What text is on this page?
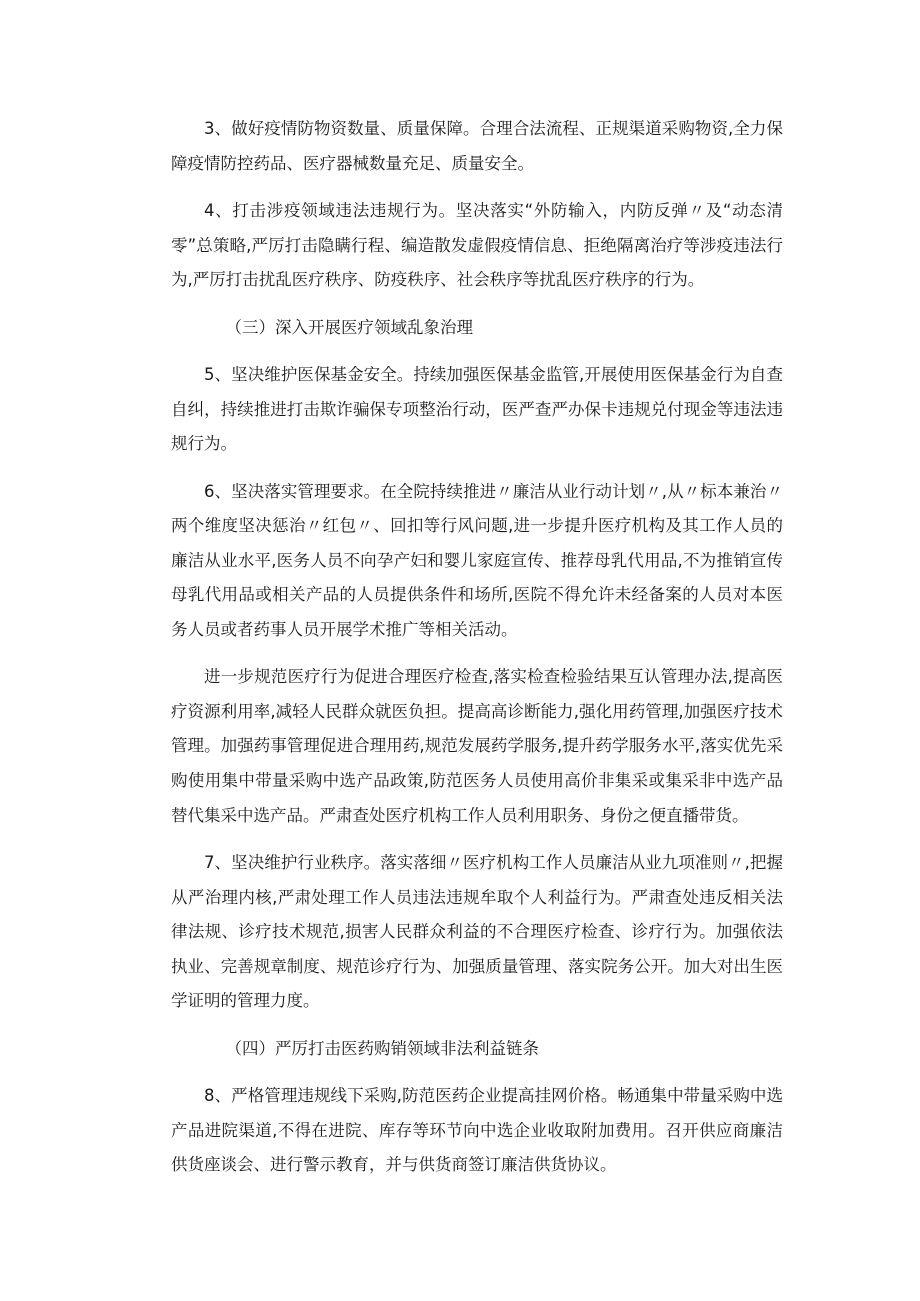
3、做好疫情防物资数量、质量保障。合理合法流程、正规渠道采购物资,全力保障疫情防控药品、医疗器械数量充足、质量安全。

4、打击涉疫领域违法违规行为。坚决落实“外防输入，内防反弹〃及“动态清零”总策略,严厉打击隐瞒行程、编造散发虚假疫情信息、拒绝隔离治疗等涉疫违法行为,严厉打击扰乱医疗秩序、防疫秩序、社会秩序等扰乱医疗秩序的行为。

（三）深入开展医疗领域乱象治理

5、坚决维护医保基金安全。持续加强医保基金监管,开展使用医保基金行为自查自纠，持续推进打击欺诈骗保专项整治行动，医严查严办保卡违规兑付现金等违法违规行为。

6、坚决落实管理要求。在全院持续推进〃廉洁从业行动计划〃,从〃标本兼治〃两个维度坚决惩治〃红包〃、回扣等行风问题,进一步提升医疗机构及其工作人员的廉洁从业水平,医务人员不向孕产妇和婴儿家庭宣传、推荐母乳代用品,不为推销宣传母乳代用品或相关产品的人员提供条件和场所,医院不得允许未经备案的人员对本医务人员或者药事人员开展学术推广等相关活动。

进一步规范医疗行为促进合理医疗检查,落实检查检验结果互认管理办法,提高医疗资源利用率,减轻人民群众就医负担。提高高诊断能力,强化用药管理,加强医疗技术管理。加强药事管理促进合理用药,规范发展药学服务,提升药学服务水平,落实优先采购使用集中带量采购中选产品政策,防范医务人员使用高价非集采或集采非中选产品替代集采中选产品。严肃查处医疗机构工作人员利用职务、身份之便直播带货。

7、坚决维护行业秩序。落实落细〃医疗机构工作人员廉洁从业九项准则〃,把握从严治理内核,严肃处理工作人员违法违规牟取个人利益行为。严肃查处违反相关法律法规、诊疗技术规范,损害人民群众利益的不合理医疗检查、诊疗行为。加强依法执业、完善规章制度、规范诊疗行为、加强质量管理、落实院务公开。加大对出生医学证明的管理力度。

（四）严厉打击医药购销领域非法利益链条

8、严格管理违规线下采购,防范医药企业提高挂网价格。畅通集中带量采购中选产品进院渠道,不得在进院、库存等环节向中选企业收取附加费用。召开供应商廉洁供货座谈会、进行警示教育，并与供货商签订廉洁供货协议。
